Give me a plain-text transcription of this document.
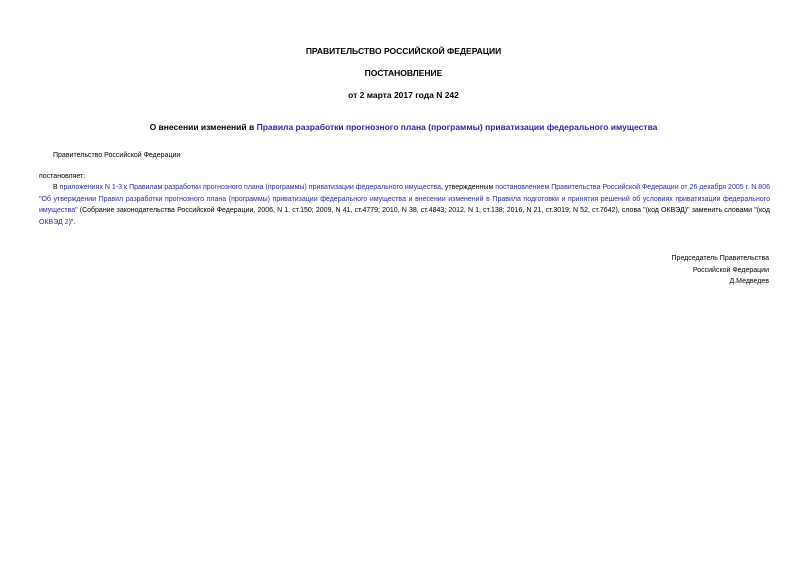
ПРАВИТЕЛЬСТВО РОССИЙСКОЙ ФЕДЕРАЦИИ
ПОСТАНОВЛЕНИЕ
от 2 марта 2017 года N 242
О внесении изменений в Правила разработки прогнозного плана (программы) приватизации федерального имущества
Правительство Российской Федерации
постановляет:
В приложениях N 1-3 к Правилам разработки прогнозного плана (программы) приватизации федерального имущества, утвержденным постановлением Правительства Российской Федерации от 26 декабря 2005 г. N 806 "Об утверждении Правил разработки прогнозного плана (программы) приватизации федерального имущества и внесении изменений в Правила подготовки и принятия решений об условиях приватизации федерального имущества" (Собрание законодательства Российской Федерации, 2006, N 1, ст.150; 2009, N 41, ст.4779; 2010, N 38, ст.4843; 2012, N 1, ст.138; 2016, N 21, ст.3019; N 52, ст.7642), слова "(код ОКВЭД)" заменить словами "(код ОКВЭД 2)".
Председатель Правительства
Российской Федерации
Д.Медведев
